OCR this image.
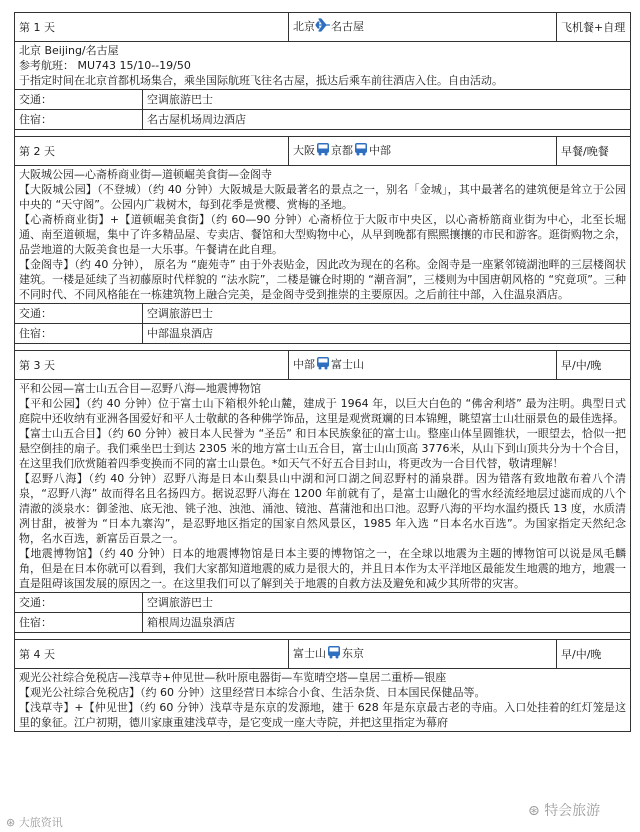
第 1 天		北京 名古屋	飞机餐+自理

北京 Beijing/名古屋
参考航班： MU743 15/10--19/50
于指定时间在北京首都机场集合，乘坐国际航班飞往名古屋，抵达后乘车前往酒店入住。自由活动。			

交通：	空调旅游巴士		
住宿：	名古屋机场周边酒店		

第 2 天		大阪 京都 中部	早餐/晚餐

大阪城公园—心斋桥商业街—道顿崛美食街—金阁寺
【大阪城公园】（不登城）（约 40 分钟）大阪城是大阪最著名的景点之一，别名「金城」，其中最著名的建筑便是耸立于公园中央的 “天守阁”。公园内广栽树木，每到花季是赏樱、赏梅的圣地。
【心斋桥商业街】+【道顿崛美食街】（约 60—90 分钟）心斋桥位于大阪市中央区，以心斋桥筋商业街为中心，北至长堀通、南至道顿堀，集中了许多精品屋、专卖店、餐馆和大型购物中心，从早到晚都有熙熙攘攘的市民和游客。逛街购物之余，品尝地道的大阪美食也是一大乐事。午餐请在此自理。
【金阁寺】（约 40 分钟）， 原名为 “鹿苑寺” 由于外表贴金，因此改为现在的名称。金阁寺是一座紧邻镜湖池畔的三层楼阁状建筑。一楼是延续了当初藤原时代样貌的 “法水院”，二楼是镰仓时期的 “潮音洞”，三楼则为中国唐朝风格的 “究竟项”。三种不同时代、不同风格能在一栋建筑物上融合完美，是金阁寺受到推崇的主要原因。之后前往中部，入住温泉酒店。			

交通：	空调旅游巴士		
住宿：	中部温泉酒店		

第 3 天		中部 富士山	早/中/晚

平和公园—富士山五合目—忍野八海—地震博物馆
【平和公园】（约 40 分钟）位于富士山下箱根外轮山麓，建成于 1964 年，以巨大白色的 “佛舍利塔” 最为注明。典型日式庭院中还收纳有亚洲各国爱好和平人士敬献的各种佛学饰品，这里是观赏斑斓的日本锦鲤，眺望富士山壮丽景色的最佳选择。
【富士山五合目】（约 60 分钟）被日本人民誉为 “圣岳” 和日本民族象征的富士山。整座山体呈圆锥状，一眼望去，恰似一把悬空倒挂的扇子。我们乘坐巴士到达 2305 米的地方富士山五合目，富士山山顶高 3776米，从山下到山顶共分为十个合目，在这里我们欣赏随着四季变换而不同的富士山景色。*如天气不好五合目封山，将更改为一合目代替，敬请理解！
【忍野八海】（约 40 分钟）忍野八海是日本山梨县山中湖和河口湖之间忍野村的涌泉群。因为错落有致地散布着八个清泉，“忍野八海” 故而得名且名扬四方。据说忍野八海在 1200 年前就有了，是富士山融化的雪水经流经地层过滤而成的八个清澈的淡泉水：御釜池、底无池、铫子池、浊池、涌池、镜池、菖蒲池和出口池。忍野八海的平均水温约摄氏 13 度，水质清冽甘甜，被誉为 “日本九寨沟”，是忍野地区指定的国家自然风景区，1985 年入选 “日本名水百选”。为国家指定天然纪念物，名水百选，新富岳百景之一。
【地震博物馆】（约 40 分钟）日本的地震博物馆是日本主要的博物馆之一，在全球以地震为主题的博物馆可以说是凤毛麟角，但是在日本你就可以看到，我们大家都知道地震的威力是很大的，并且日本作为太平洋地区最能发生地震的地方，地震一直是阻碍该国发展的原因之一。在这里我们可以了解到关于地震的自救方法及避免和减少其所带的灾害。			

交通：	空调旅游巴士		
住宿：	箱根周边温泉酒店		

第 4 天		富士山 东京	早/中/晚

观光公社综合免税店—浅草寺+仲见世—秋叶原电器街—车览晴空塔—皇居二重桥—银座
【观光公社综合免税店】（约 60 分钟）这里经营日本综合小食、生活杂货、日本国民保健品等。
【浅草寺】+【仲见世】（约 60 分钟）浅草寺是东京的发源地，建于 628 年是东京最古老的寺庙。入口处挂着的红灯笼是这里的象征。江户初期，德川家康重建浅草寺，是它变成一座大寺院，并把这里指定为幕府			
⊛ 大旅资讯
⊛ 特会旅游
